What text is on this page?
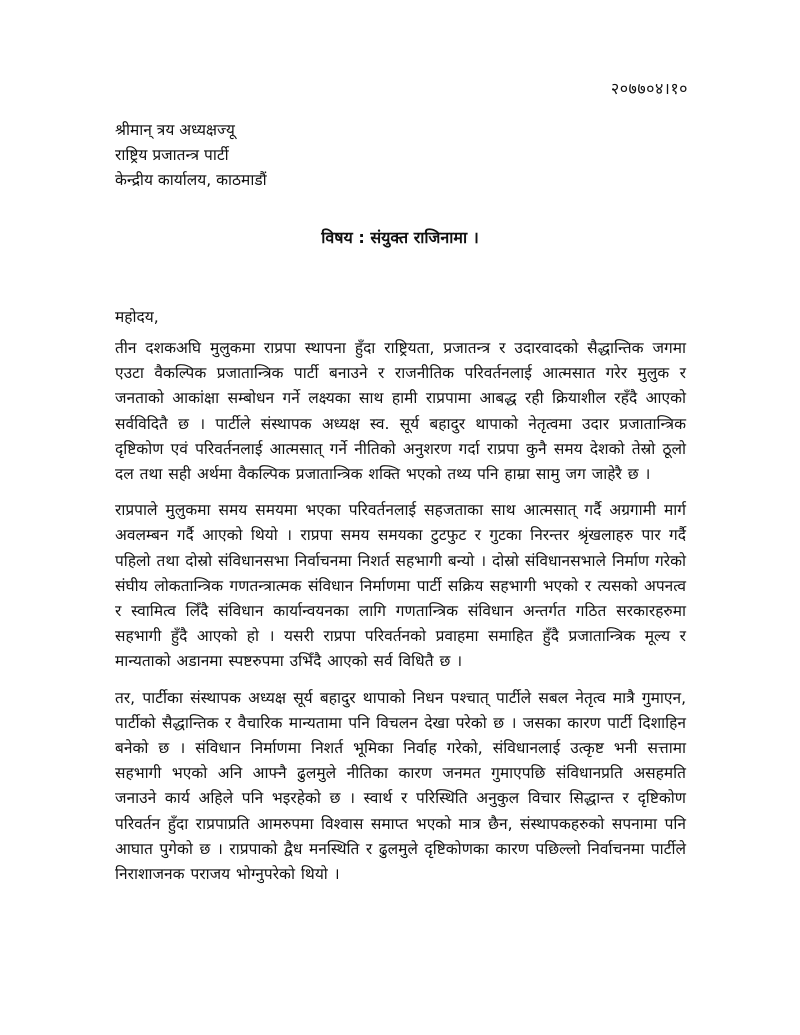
२०७७०४।१०
श्रीमान् त्रय अध्यक्षज्यू
राष्ट्रिय प्रजातन्त्र पार्टी
केन्द्रीय कार्यालय, काठमाडौं
विषय : संयुक्त राजिनामा ।
महोदय,

तीन दशकअघि मुलुकमा राप्रपा स्थापना हुँदा राष्ट्रियता, प्रजातन्त्र र उदारवादको सैद्धान्तिक जगमा एउटा वैकल्पिक प्रजातान्त्रिक पार्टी बनाउने र राजनीतिक परिवर्तनलाई आत्मसात गरेर मुलुक र जनताको आकांक्षा सम्बोधन गर्ने लक्ष्यका साथ हामी राप्रपामा आबद्ध रही क्रियाशील रहँदै आएको सर्वविदितै छ । पार्टीले संस्थापक अध्यक्ष स्व. सूर्य बहादुर थापाको नेतृत्वमा उदार प्रजातान्त्रिक दृष्टिकोण एवं परिवर्तनलाई आत्मसात् गर्ने नीतिको अनुशरण गर्दा राप्रपा कुनै समय देशको तेस्रो ठूलो दल तथा सही अर्थमा वैकल्पिक प्रजातान्त्रिक शक्ति भएको तथ्य पनि हाम्रा सामु जग जाहेरै छ ।

राप्रपाले मुलुकमा समय समयमा भएका परिवर्तनलाई सहजताका साथ आत्मसात् गर्दै अग्रगामी मार्ग अवलम्बन गर्दै आएको थियो । राप्रपा समय समयका टुटफुट र गुटका निरन्तर श्रृंखलाहरु पार गर्दै पहिलो तथा दोस्रो संविधानसभा निर्वाचनमा निशर्त सहभागी बन्यो । दोस्रो संविधानसभाले निर्माण गरेको संघीय लोकतान्त्रिक गणतन्त्रात्मक संविधान निर्माणमा पार्टी सक्रिय सहभागी भएको र त्यसको अपनत्व र स्वामित्व लिँदै संविधान कार्यान्वयनका लागि गणतान्त्रिक संविधान अन्तर्गत गठित सरकारहरुमा सहभागी हुँदै आएको हो । यसरी राप्रपा परिवर्तनको प्रवाहमा समाहित हुँदै प्रजातान्त्रिक मूल्य र मान्यताको अडानमा स्पष्टरुपमा उभिँदै आएको सर्व विधितै छ ।

तर, पार्टीका संस्थापक अध्यक्ष सूर्य बहादुर थापाको निधन पश्चात् पार्टीले सबल नेतृत्व मात्रै गुमाएन, पार्टीको सैद्धान्तिक र वैचारिक मान्यतामा पनि विचलन देखा परेको छ । जसका कारण पार्टी दिशाहिन बनेको छ । संविधान निर्माणमा निशर्त भूमिका निर्वाह गरेको, संविधानलाई उत्कृष्ट भनी सत्तामा सहभागी भएको अनि आफ्नै ढुलमुले नीतिका कारण जनमत गुमाएपछि संविधानप्रति असहमति जनाउने कार्य अहिले पनि भइरहेको छ । स्वार्थ र परिस्थिति अनुकुल विचार सिद्धान्त र दृष्टिकोण परिवर्तन हुँदा राप्रपाप्रति आमरुपमा विश्वास समाप्त भएको मात्र छैन, संस्थापकहरुको सपनामा पनि आघात पुगेको छ । राप्रपाको द्वैध मनस्थिति र ढुलमुले दृष्टिकोणका कारण पछिल्लो निर्वाचनमा पार्टीले निराशाजनक पराजय भोग्नुपरेको थियो ।
